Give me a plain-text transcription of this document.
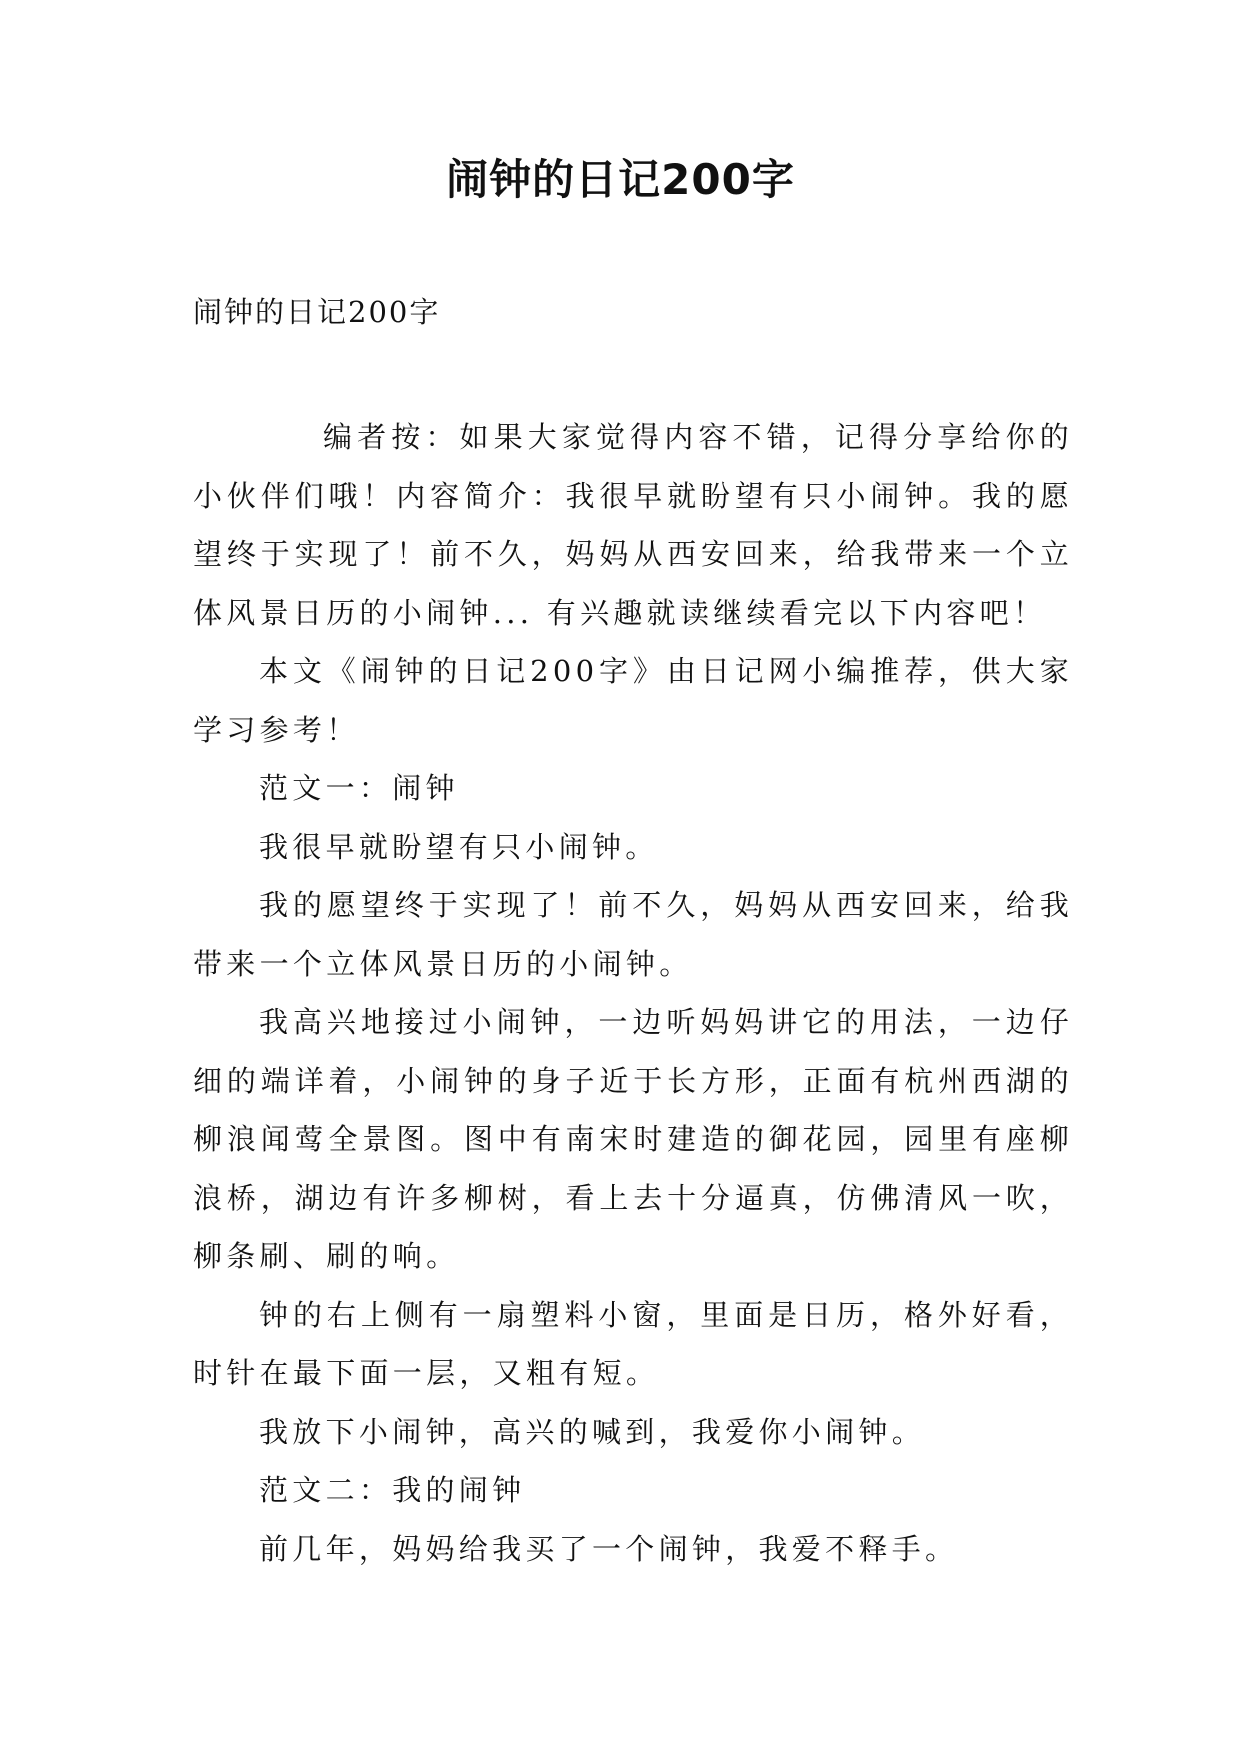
闹钟的日记200字

闹钟的日记200字

编者按：如果大家觉得内容不错，记得分享给你的小伙伴们哦！内容简介：我很早就盼望有只小闹钟。我的愿望终于实现了！前不久，妈妈从西安回来，给我带来一个立体风景日历的小闹钟... 有兴趣就读继续看完以下内容吧！

本文《闹钟的日记200字》由日记网小编推荐，供大家学习参考！

范文一：闹钟

我很早就盼望有只小闹钟。

我的愿望终于实现了！前不久，妈妈从西安回来，给我带来一个立体风景日历的小闹钟。

我高兴地接过小闹钟，一边听妈妈讲它的用法，一边仔细的端详着，小闹钟的身子近于长方形，正面有杭州西湖的柳浪闻莺全景图。图中有南宋时建造的御花园，园里有座柳浪桥，湖边有许多柳树，看上去十分逼真，仿佛清风一吹，柳条刷、刷的响。

钟的右上侧有一扇塑料小窗，里面是日历，格外好看，时针在最下面一层，又粗有短。

我放下小闹钟，高兴的喊到，我爱你小闹钟。

范文二：我的闹钟

前几年，妈妈给我买了一个闹钟，我爱不释手。
